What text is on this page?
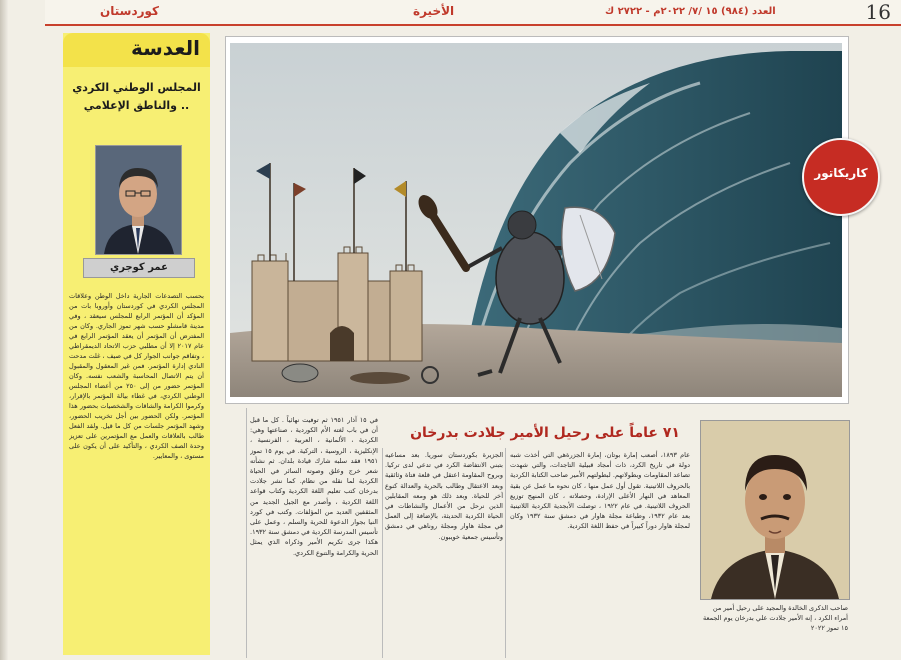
16
العدد (٩٨٤) ١٥ /٧/ ٢٠٢٢م - ٢٧٢٢ ك
الأخيرة
كوردستان
العدسة
المجلس الوطني الكردي .. والناطق الإعلامي
عمر كوجري
بحسب التصدعات الجارية داخل الوطن وعلاقات المجلس الكردي في كوردستان وأوروبا بات من المؤكد أن المؤتمر الرابع للمجلس سيعقد ، وفي مدينة قامشلو حسب شهر تموز الجاري. وكان من المفترض أن المؤتمر أن يعقد المؤتمر الرابع في عام ٢٠١٧ إلا أن مطلبي حزب الاتحاد الديمقراطي ، وتفاقم جوانب الجوار كل في صيف ، غلت مدحت النادي إدارة المؤتمر. فمن غير المعقول والمقبول أن يتم الاتصال المحاسبة والشعب نفسه. وكان المؤتمر حضور من إلى ٢٥٠ من أعضاء المجلس الوطني الكردي، في غطاء بيالة المؤتمر بالإقرار، وكرموا الكرامة والشاقات والشخصيات بحضور هذا المؤتمر. ولكن الحضور بين أجل تخريب الحضور، وشهد المؤتمر جلسات من كل ما قيل. ولقد الفعل طالب بالعلاقات والعمل مع المؤتمرين على تعزيز وحدة الصف الكردي ، والتأكيد على أن يكون على مستوى ، والمعايير.
كاريكاتور
٧١ عاماً على رحيل الأمير جلادت بدرخان
عام ١٨٩٣، أصعب إمارة بوتان، إمارة الجزرةهي التي أخذت شبه دولة في تاريخ الكرد، ذات أمجاد قبيلية التاجدات، والتي شهدت تصاعد المقاومات وبطولاتهم. لبطولتهم الأمير صاحب الكتابة الكردية بالحروف اللاتينية. تقول أول عمل منها ، كان نحوه ما عمل عن بقية المعاهد في النهار الأعلى الإرادة، وحصلاته ، كان المنهج توزيع الحروف اللاتينية. في عام ١٩٢٢ ، توصلت الأبجدية الكردية اللاتينية بعد عام ١٩٣٢، وطباعة مجلة هاوار في دمشق سنة ١٩٣٢ وكان لمجلة هاوار دوراً كبيراً في حفظ اللغة الكردية.
الجزيرة بكوردستان سوريا. بعد مساعيه بتبني الانتفاضة الكرد في تدعي لدى تركيا. وبروح المقاومة اعتقل في قلعة فتاة وثائقية وبعد الاعتقال وطالب بالحرية والعدالة كنوع آخر للحياة. وبعد ذلك هو ومعه المقابلين الذين نرحل من الأعمال والنشاطات في الحياة الكردية الحديثة، بالإضافة إلى العمل في مجلة هاوار ومجلة روناهي في دمشق وتأسيس جمعية خويبون.
في ١٥ آذار ١٩٥١ ثم توفيت نهائياً . كل ما قبل أن في باب لغته الأم الكوردية ، صناعتها وهي: الكردية ، الألمانية ، العربية ، الفرنسية ، الإنكليزية ، الروسية ، التركية. في يوم ١٥ تموز ١٩٥١ فقد سلبه شارك قيادة بلدان. ثم نشأته شعر خرج وعلق وصوته السائر في الحياة الكردية لما نقله من نظام. كما نشر جلادت بدرخان كتب تعليم اللغة الكردية وكتاب قواعد اللغة الكردية ، وأصدر مع الجيل الجديد من المثقفين العديد من المؤلفات. وكتب في كورد النيا بجوار الدعوة للحرية والسلم ، وعمل على تأسيس المدرسة الكردية في دمشق سنة ١٩٣٢. هكذا جرى تكريم الأمير وذكراه الذي يمثل الحرية والكرامة والتنوع الكردي.
صاحب الذكرى الخالدة والمجيد على رحيل أمير من أمراء الكرد ، إنه الأمير جلادت علي بدرخان يوم الجمعة ١٥ تموز ٢٠٢٢
